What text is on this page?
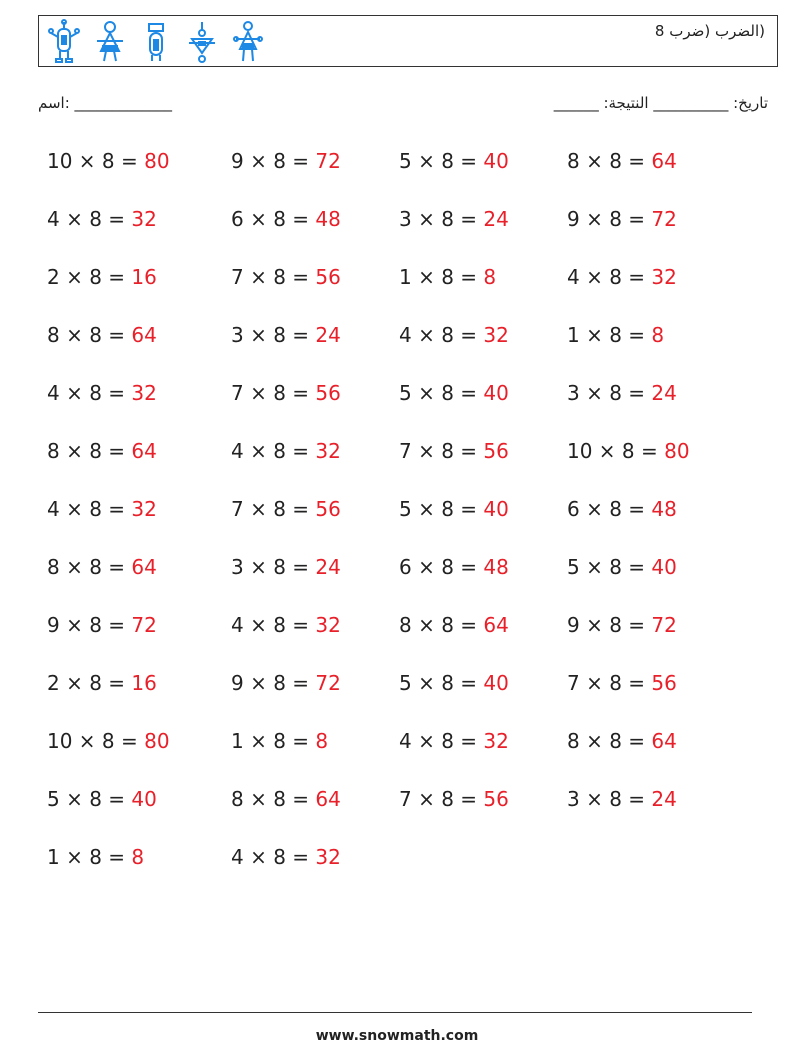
(الضرب (ضرب 8
اسم: _____________	______ :تاريخ: __________ النتيجة
10 × 8 = 80	9 × 8 = 72	5 × 8 = 40	8 × 8 = 64
4 × 8 = 32	6 × 8 = 48	3 × 8 = 24	9 × 8 = 72
2 × 8 = 16	7 × 8 = 56	1 × 8 = 8	4 × 8 = 32
8 × 8 = 64	3 × 8 = 24	4 × 8 = 32	1 × 8 = 8
4 × 8 = 32	7 × 8 = 56	5 × 8 = 40	3 × 8 = 24
8 × 8 = 64	4 × 8 = 32	7 × 8 = 56	10 × 8 = 80
4 × 8 = 32	7 × 8 = 56	5 × 8 = 40	6 × 8 = 48
8 × 8 = 64	3 × 8 = 24	6 × 8 = 48	5 × 8 = 40
9 × 8 = 72	4 × 8 = 32	8 × 8 = 64	9 × 8 = 72
2 × 8 = 16	9 × 8 = 72	5 × 8 = 40	7 × 8 = 56
10 × 8 = 80	1 × 8 = 8	4 × 8 = 32	8 × 8 = 64
5 × 8 = 40	8 × 8 = 64	7 × 8 = 56	3 × 8 = 24
1 × 8 = 8	4 × 8 = 32
www.snowmath.com
